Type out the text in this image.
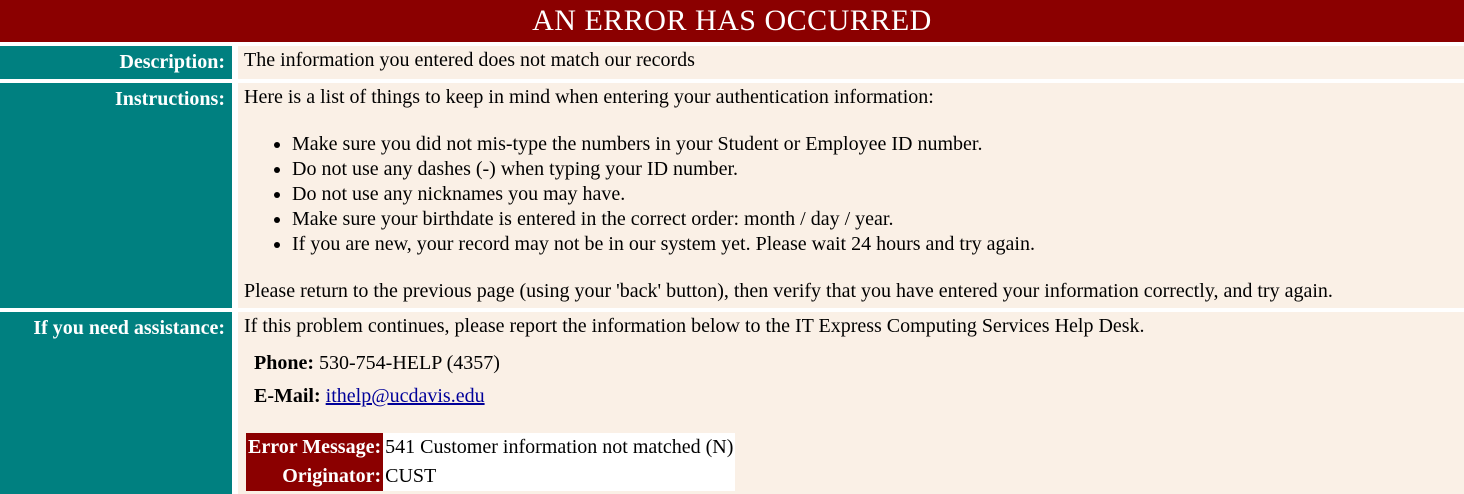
AN ERROR HAS OCCURRED
Description: The information you entered does not match our records

Instructions: Here is a list of things to keep in mind when entering your authentication information:

• Make sure you did not mis-type the numbers in your Student or Employee ID number.
• Do not use any dashes (-) when typing your ID number.
• Do not use any nicknames you may have.
• Make sure your birthdate is entered in the correct order: month / day / year.
• If you are new, your record may not be in our system yet. Please wait 24 hours and try again.

Please return to the previous page (using your 'back' button), then verify that you have entered your information correctly, and try again.

If you need assistance: If this problem continues, please report the information below to the IT Express Computing Services Help Desk.

Phone: 530-754-HELP (4357)
E-Mail: ithelp@ucdavis.edu
Error Message:	541 Customer information not matched (N)
Originator:	CUST
